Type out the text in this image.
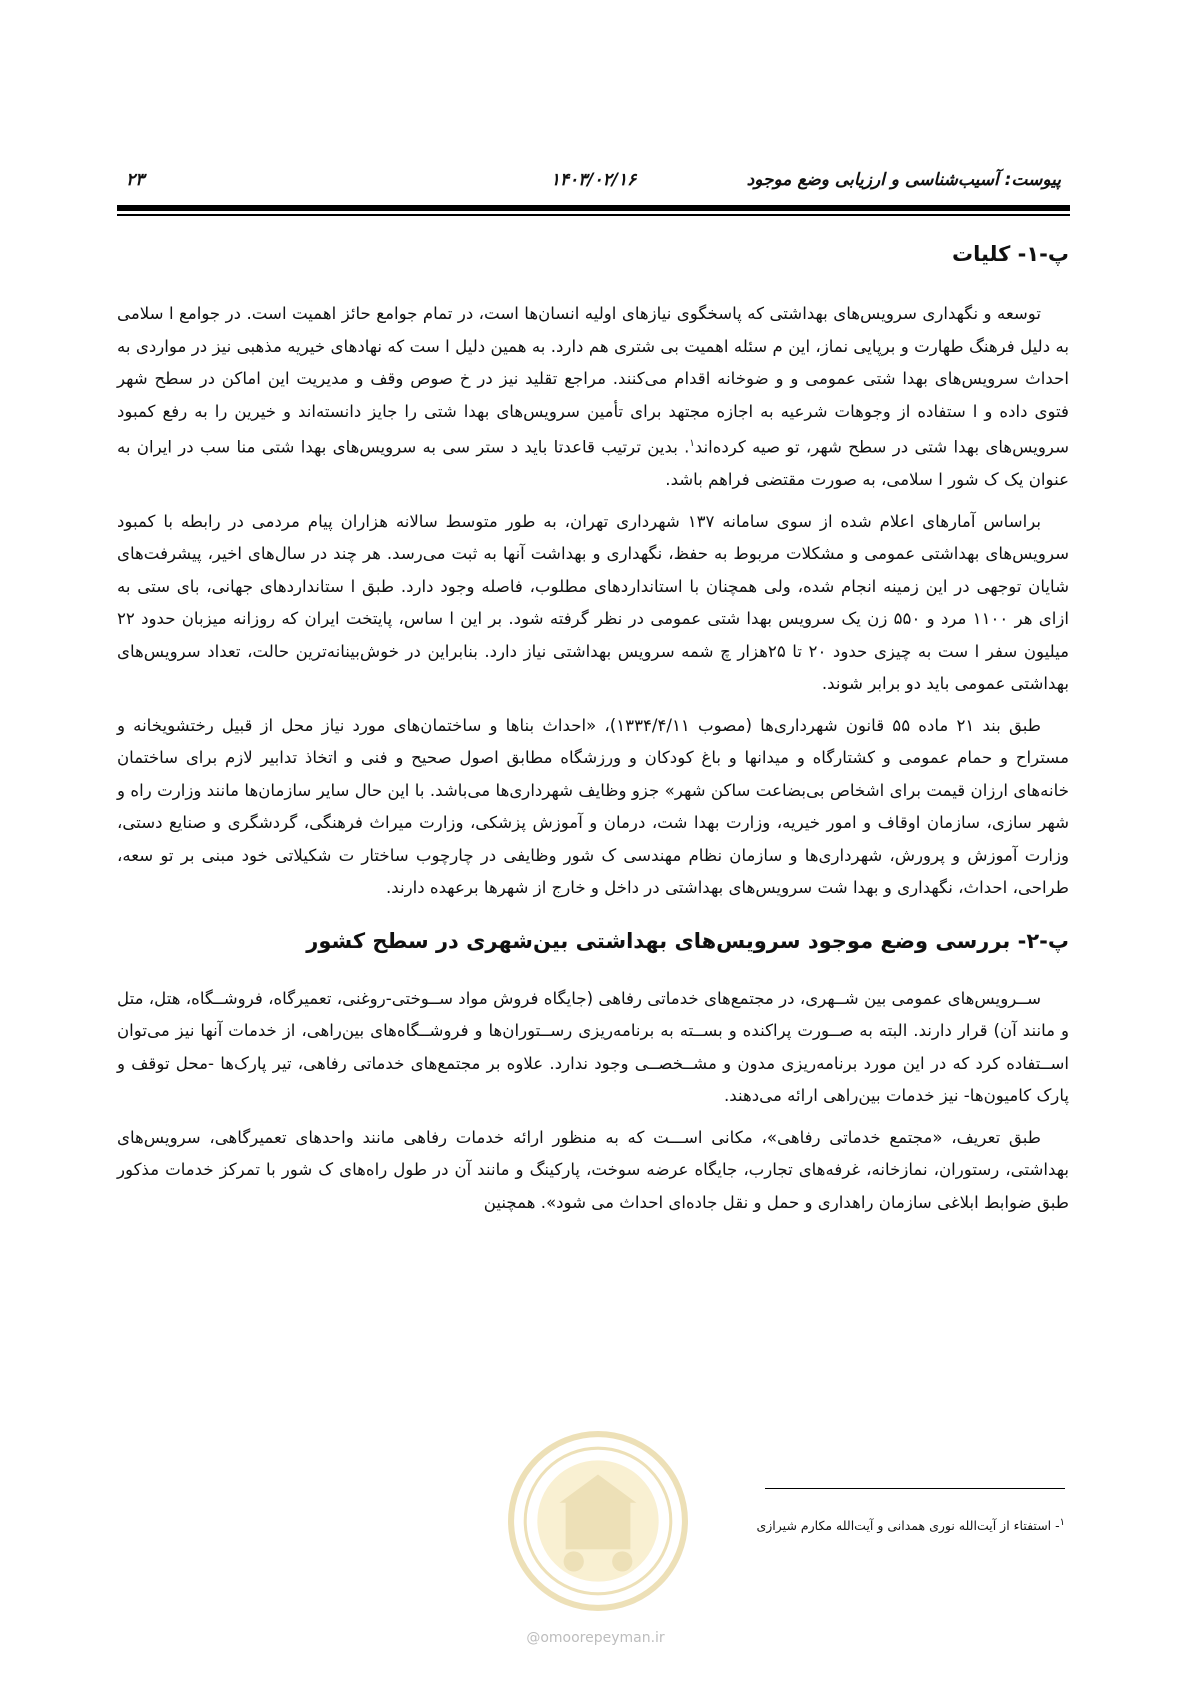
پیوست: آسیب‌شناسی و ارزیابی وضع موجود
۱۴۰۳/۰۲/۱۶
۲۳
پ-۱- کلیات

توسعه و نگهداری سرویس‌های بهداشتی که پاسخگوی نیازهای اولیه انسان‌ها است، در تمام جوامع حائز اهمیت است. در جوامع ا سلامی به دلیل فرهنگ طهارت و برپایی نماز، این م سئله اهمیت بی شتری هم دارد. به همین دلیل ا ست که نهادهای خیریه مذهبی نیز در مواردی به احداث سرویس‌های بهدا شتی عمومی و و ضوخانه اقدام می‌کنند. مراجع تقلید نیز در خ صوص وقف و مدیریت این اماکن در سطح شهر فتوی داده و ا ستفاده از وجوهات شرعیه به اجازه مجتهد برای تأمین سرویس‌های بهدا شتی را جایز دانسته‌اند و خیرین را به رفع کمبود سرویس‌های بهدا شتی در سطح شهر، تو صیه کرده‌اند$^۱$. بدین ترتیب قاعدتا باید د ستر سی به سرویس‌های بهدا شتی منا سب در ایران به عنوان یک ک شور ا سلامی، به صورت مقتضی فراهم باشد.

براساس آمارهای اعلام شده از سوی سامانه ۱۳۷ شهرداری تهران، به طور متوسط سالانه هزاران پیام مردمی در رابطه با کمبود سرویس‌های بهداشتی عمومی و مشکلات مربوط به حفظ، نگهداری و بهداشت آنها به ثبت می‌رسد. هر چند در سال‌های اخیر، پیشرفت‌های شایان توجهی در این زمینه انجام شده، ولی همچنان با استانداردهای مطلوب، فاصله وجود دارد. طبق ا ستانداردهای جهانی، بای ستی به ازای هر ۱۱۰۰ مرد و ۵۵۰ زن یک سرویس بهدا شتی عمومی در نظر گرفته شود. بر این ا ساس، پایتخت ایران که روزانه میزبان حدود ۲۲ میلیون سفر ا ست به چیزی حدود ۲۰ تا ۲۵هزار چ شمه سرویس بهداشتی نیاز دارد. بنابراین در خوش‌بینانه‌ترین حالت، تعداد سرویس‌های بهداشتی عمومی باید دو برابر شوند.

طبق بند ۲۱ ماده ۵۵ قانون شهرداری‌ها (مصوب ۱۳۳۴/۴/۱۱)، «احداث بناها و ساختمان‌های مورد نیاز محل از قبیل رختشویخانه و مستراح و حمام عمومی و کشتارگاه و میدانها و باغ کودکان و ورزشگاه مطابق اصول صحیح و فنی و اتخاذ تدابیر لازم برای ساختمان خانه‌های ارزان قیمت برای اشخاص بی‌بضاعت ساکن شهر» جزو وظایف شهرداری‌ها می‌باشد. با این حال سایر سازمان‌ها مانند وزارت راه و شهر سازی، سازمان اوقاف و امور خیریه، وزارت بهدا شت، درمان و آموزش پزشکی، وزارت میراث فرهنگی، گردشگری و صنایع دستی، وزارت آموزش و پرورش، شهرداری‌ها و سازمان نظام مهندسی ک شور وظایفی در چارچوب ساختار ت شکیلاتی خود مبنی بر تو سعه، طراحی، احداث، نگهداری و بهدا شت سرویس‌های بهداشتی در داخل و خارج از شهرها برعهده دارند.

پ-۲- بررسی وضع موجود سرویس‌های بهداشتی بین‌شهری در سطح کشور

ســرویس‌های عمومی بین شــهری، در مجتمع‌های خدماتی رفاهی (جایگاه فروش مواد ســوختی-روغنی، تعمیرگاه، فروشــگاه، هتل، متل و مانند آن) قرار دارند. البته به صــورت پراکنده و بســته به برنامه‌ریزی رســتوران‌ها و فروشــگاه‌های بین‌راهی، از خدمات آنها نیز می‌توان اســتفاده کرد که در این مورد برنامه‌ریزی مدون و مشــخصــی وجود ندارد. علاوه بر مجتمع‌های خدماتی رفاهی، تیر پارک‌ها -محل توقف و پارک کامیون‌ها- نیز خدمات بین‌راهی ارائه می‌دهند.

طبق تعریف، «مجتمع خدماتی رفاهی»، مکانی اســـت که به منظور ارائه خدمات رفاهی مانند واحدهای تعمیرگاهی، سرویس‌های بهداشتی، رستوران، نمازخانه، غرفه‌های تجارب، جایگاه عرضه سوخت، پارکینگ و مانند آن در طول راه‌های ک شور با تمرکز خدمات مذکور طبق ضوابط ابلاغی سازمان راهداری و حمل و نقل جاده‌ای احداث می شود». همچنین

@omoorepeyman.ir
$^۱$- استفتاء از آیت‌الله نوری همدانی و آیت‌الله مکارم شیرازی
